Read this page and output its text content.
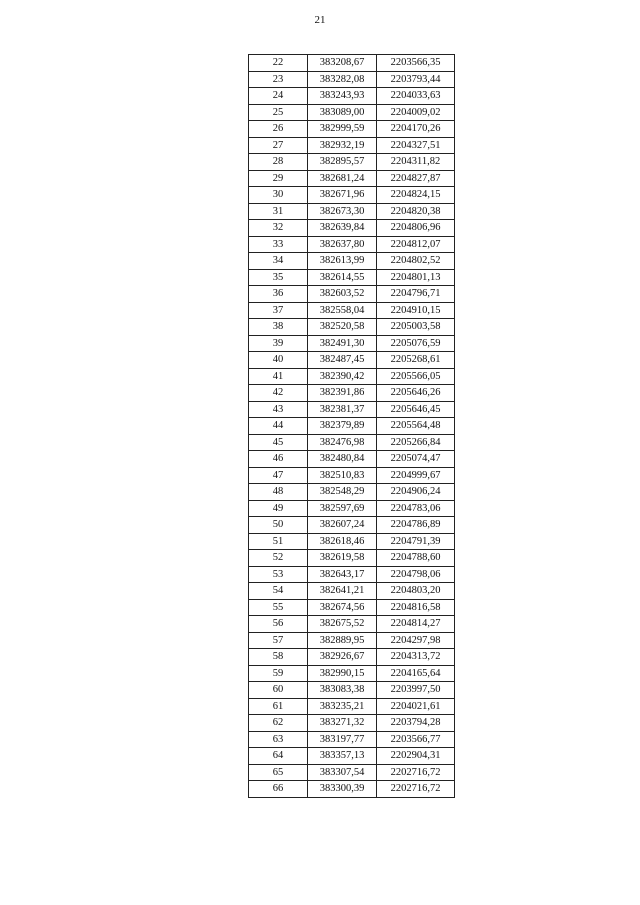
21
22	383208,67	2203566,35
23	383282,08	2203793,44
24	383243,93	2204033,63
25	383089,00	2204009,02
26	382999,59	2204170,26
27	382932,19	2204327,51
28	382895,57	2204311,82
29	382681,24	2204827,87
30	382671,96	2204824,15
31	382673,30	2204820,38
32	382639,84	2204806,96
33	382637,80	2204812,07
34	382613,99	2204802,52
35	382614,55	2204801,13
36	382603,52	2204796,71
37	382558,04	2204910,15
38	382520,58	2205003,58
39	382491,30	2205076,59
40	382487,45	2205268,61
41	382390,42	2205566,05
42	382391,86	2205646,26
43	382381,37	2205646,45
44	382379,89	2205564,48
45	382476,98	2205266,84
46	382480,84	2205074,47
47	382510,83	2204999,67
48	382548,29	2204906,24
49	382597,69	2204783,06
50	382607,24	2204786,89
51	382618,46	2204791,39
52	382619,58	2204788,60
53	382643,17	2204798,06
54	382641,21	2204803,20
55	382674,56	2204816,58
56	382675,52	2204814,27
57	382889,95	2204297,98
58	382926,67	2204313,72
59	382990,15	2204165,64
60	383083,38	2203997,50
61	383235,21	2204021,61
62	383271,32	2203794,28
63	383197,77	2203566,77
64	383357,13	2202904,31
65	383307,54	2202716,72
66	383300,39	2202716,72
